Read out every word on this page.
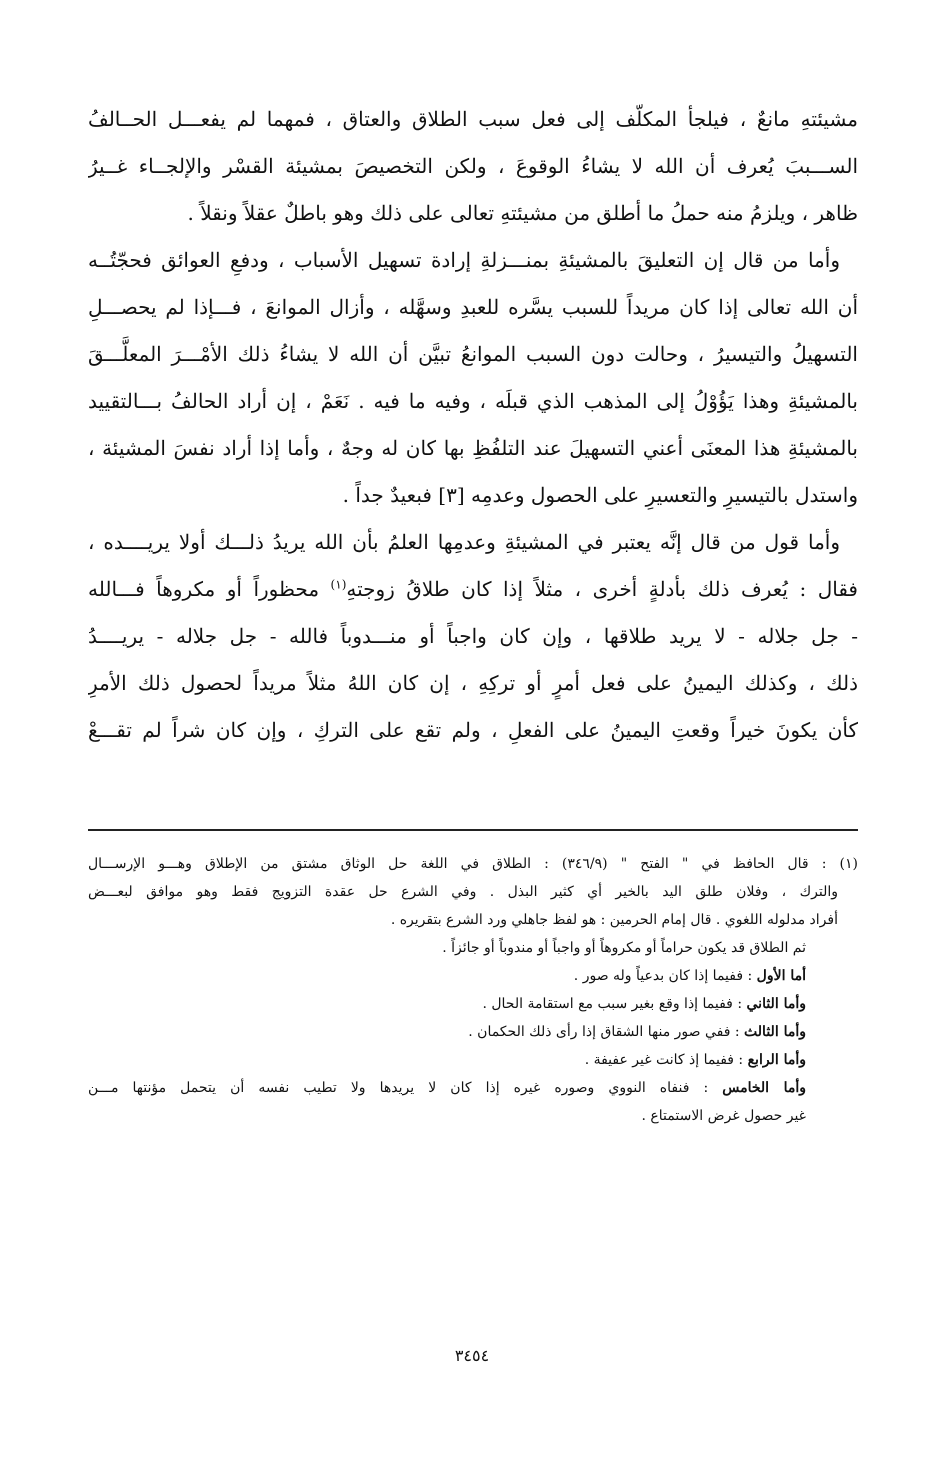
مشيئتهِ مانعٌ ، فيلجأ المكلّف إلى فعل سبب الطلاق والعتاق ، فمهما لم يفعـــل الحــالفُ
الســـببَ يُعرف أن الله لا يشاءُ الوقوعَ ، ولكن التخصيصَ بمشيئة القسْر والإلجــاء غــيرُ
ظاهر ، ويلزمُ منه حملُ ما أطلق من مشيئتهِ تعالى على ذلك وهو باطلٌ عقلاً ونقلاً .
وأما من قال إن التعليقَ بالمشيئةِ بمنـــزلةِ إرادة تسهيل الأسباب ، ودفعِ العوائق فحجّتُــه
أن الله تعالى إذا كان مريداً للسبب يسَّره للعبدِ وسهَّله ، وأزال الموانعَ ، فـــإذا لم يحصـــلِ
التسهيلُ والتيسيرُ ، وحالت دون السبب الموانعُ تبيَّن أن الله لا يشاءُ ذلك الأمْـــرَ المعلَّـــقَ
بالمشيئةِ وهذا يَؤُوْلُ إلى المذهب الذي قبلَه ، وفيه ما فيه . نَعَمْ ، إن أراد الحالفُ بـــالتقييد
بالمشيئةِ هذا المعنَى أعني التسهيلَ عند التلفُظِ بها كان له وجهٌ ، وأما إذا أراد نفسَ المشيئة ،
واستدل بالتيسيرِ والتعسيرِ على الحصول وعدمِه [٣] فبعيدٌ جداً .
وأما قول من قال إنَّه يعتبر في المشيئةِ وعدمِها العلمُ بأن الله يريدُ ذلـــك أولا يريــــده ،
فقال : يُعرف ذلك بأدلةٍ أخرى ، مثلاً إذا كان طلاقُ زوجتهِ$^{(١)}$ محظوراً أو مكروهاً فـــالله
- جل جلاله - لا يريد طلاقها ، وإن كان واجباً أو منـــدوباً فالله - جل جلاله - يريــــدُ
ذلك ، وكذلك اليمينُ على فعل أمرٍ أو تركِهِ ، إن كان اللهُ مثلاً مريداً لحصول ذلك الأمرِ
كأن يكونَ خيراً وقعتِ اليمينُ على الفعلِ ، ولم تقع على التركِ ، وإن كان شراً لم تقـــعْ
(١) : قال الحافظ في " الفتح " (٣٤٦/٩) : الطلاق في اللغة حل الوثاق مشتق من الإطلاق وهـــو الإرســـال
والترك ، وفلان طلق اليد بالخير أي كثير البذل . وفي الشرع حل عقدة التزويج فقط وهو موافق لبعـــض
أفراد مدلوله اللغوي . قال إمام الحرمين : هو لفظ جاهلي ورد الشرع بتقريره .
ثم الطلاق قد يكون حراماً أو مكروهاً أو واجباً أو مندوباً أو جائزاً .
أما الأول : ففيما إذا كان بدعياً وله صور .
وأما الثاني : ففيما إذا وقع بغير سبب مع استقامة الحال .
وأما الثالث : ففي صور منها الشقاق إذا رأى ذلك الحكمان .
وأما الرابع : ففيما إذ كانت غير عفيفة .
وأما الخامس : فنفاه النووي وصوره غيره إذا كان لا يريدها ولا تطيب نفسه أن يتحمل مؤنتها مـــن
غير حصول غرض الاستمتاع .
٣٤٥٤
